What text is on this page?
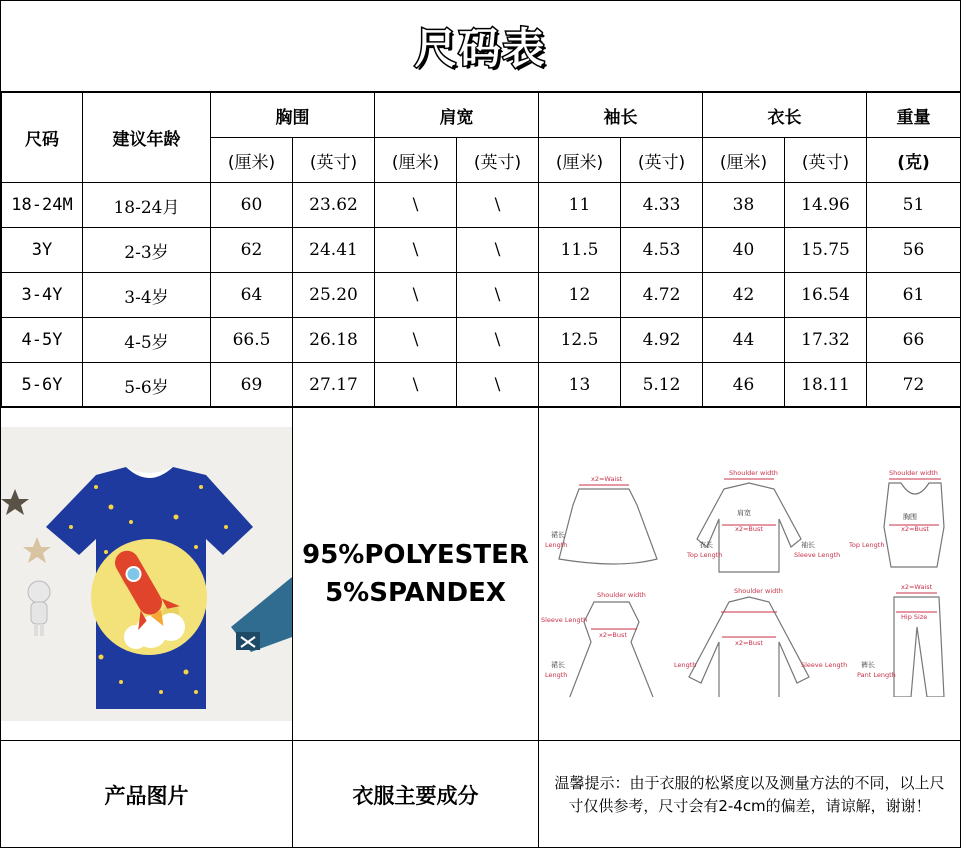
尺码表
尺码	建议年龄	胸围		肩宽		袖长		衣长		重量
		(厘米)	(英寸)	(厘米)	(英寸)	(厘米)	(英寸)	(厘米)	(英寸)	(克)
18-24M	18-24月	60	23.62	\	\	11	4.33	38	14.96	51
3Y	2-3岁	62	24.41	\	\	11.5	4.53	40	15.75	56
3-4Y	3-4岁	64	25.20	\	\	12	4.72	42	16.54	61
4-5Y	4-5岁	66.5	26.18	\	\	12.5	4.92	44	17.32	66
5-6Y	5-6岁	69	27.17	\	\	13	5.12	46	18.11	72
95%POLYESTER
5%SPANDEX
x2=Waist
Shoulder width
x2=Bust
Top Length	Sleeve Length
Shoulder width
x2=Bust
Top Length
Length
Shoulder width
Sleeve Length
x2=Bust
Length
Shoulder width
x2=Bust
Length	Sleeve Length
x2=Waist
Hip Size
Pant Length
裙长
肩宽
衣长	袖长
胸围
裙长	裤长
产品图片	衣服主要成分
温馨提示：由于衣服的松紧度以及测量方法的不同，以上尺寸仅供参考，尺寸会有2-4cm的偏差，请谅解，谢谢！
